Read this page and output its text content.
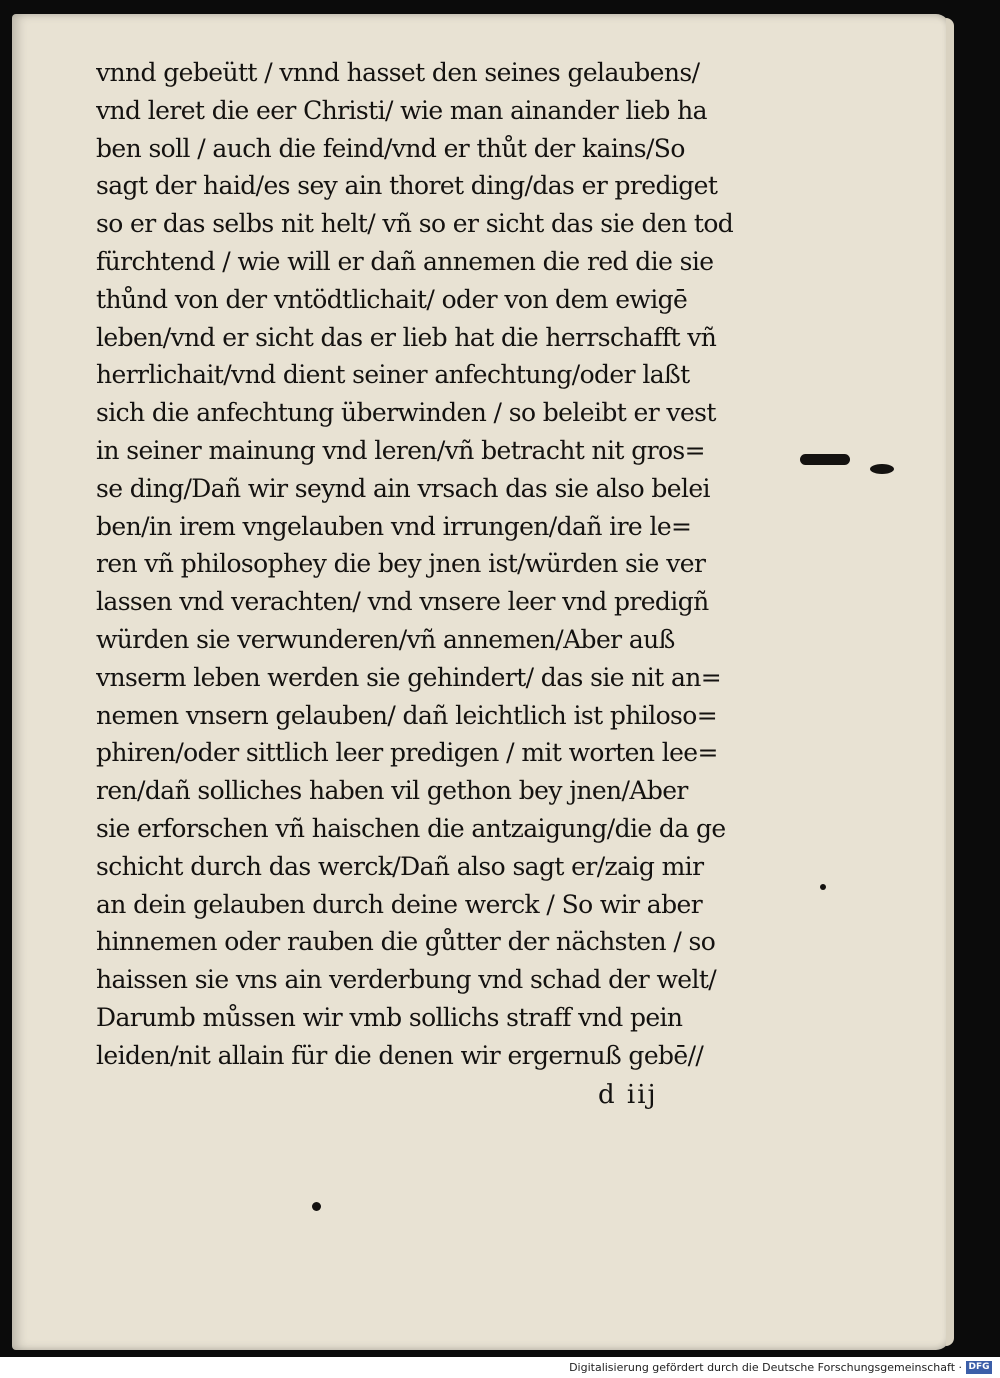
vnnd gebeütt / vnnd hasset den seines gelaubens/
vnd leret die eer Christi/ wie man ainander lieb ha
ben soll / auch die feind/vnd er thůt der kains/So
sagt der haid/es sey ain thoret ding/das er prediget
so er das selbs nit helt/ vñ so er sicht das sie den tod
fürchtend / wie will er dañ annemen die red die sie
thůnd von der vntödtlichait/ oder von dem ewigē
leben/vnd er sicht das er lieb hat die herrschafft vñ
herrlichait/vnd dient seiner anfechtung/oder laßt
sich die anfechtung überwinden / so beleibt er vest
in seiner mainung vnd leren/vñ betracht nit gros=
se ding/Dañ wir seynd ain vrsach das sie also belei
ben/in irem vngelauben vnd irrungen/dañ ire le=
ren vñ philosophey die bey jnen ist/würden sie ver
lassen vnd verachten/ vnd vnsere leer vnd predigñ
würden sie verwunderen/vñ annemen/Aber auß
vnserm leben werden sie gehindert/ das sie nit an=
nemen vnsern gelauben/ dañ leichtlich ist philoso=
phiren/oder sittlich leer predigen / mit worten lee=
ren/dañ solliches haben vil gethon bey jnen/Aber
sie erforschen vñ haischen die antzaigung/die da ge
schicht durch das werck/Dañ also sagt er/zaig mir
an dein gelauben durch deine werck / So wir aber
hinnemen oder rauben die gůtter der nächsten / so
haissen sie vns ain verderbung vnd schad der welt/
Darumb můssen wir vmb sollichs straff vnd pein
leiden/nit allain für die denen wir ergernuß gebē//
d iij
Digitalisierung gefördert durch die Deutsche Forschungsgemeinschaft · DFG
